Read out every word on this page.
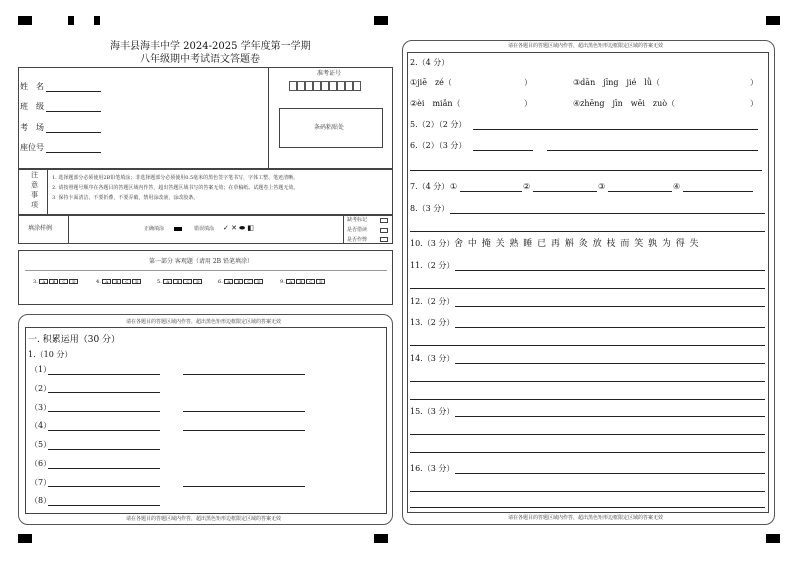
海丰县海丰中学 2024-2025 学年度第一学期
八年级期中考试语文答题卷
姓　名
班　级
考　场
座位号
准考证号
条码粘贴处
注
意
事
项
1. 选择题部分必须使用2B铅笔填涂；非选择题部分必须使用0.5毫米的黑色签字笔书写，字体工整、笔迹清晰。
2. 请按照题号顺序在各题目的答题区域内作答，超出答题区域书写的答案无效；在草稿纸、试题卷上答题无效。
3. 保持卡面清洁，不要折叠，不要弄破，禁用涂改液，涂改胶条。
填涂样例	正确填涂	错误填涂 ✓ ✕ ⬬ ◧
缺考标记
是否借读
是否作弊
第一部分 客观题（请用 2B 铅笔填涂）
3. A B C D	4. A B C D	5. A B C D	6. A B C D	9. A B C D
请在各题目的答题区域内作答，超出黑色矩形边框限定区域的答案无效
一. 积累运用（30 分）
1.（10 分）
（1）
（2）
（3）
（4）
（5）
（6）
（7）
（8）
请在各题目的答题区域内作答，超出黑色矩形边框限定区域的答案无效
请在各题目的答题区域内作答，超出黑色矩形边框限定区域的答案无效
请在各题目的答题区域内作答，超出黑色矩形边框限定区域的答案无效
2.（4 分）
①jiē　zé（	）	③dān　jīng　jié　lǜ（	）
②èi　miǎn（	）	④zhēng　jīn　wēi　zuò（	）
5.（2）（2 分）
6.（2）（3 分）
7.（4 分） ①	②	③	④
8.（3 分）
10.（3 分） 舍 中 掩 关 熟 睡 已 再 斛 灸 放 枝 而 笑 孰 为 得 失
11.（2 分）
12.（2 分）
13.（2 分）
14.（3 分）
15.（3 分）
16.（3 分）
